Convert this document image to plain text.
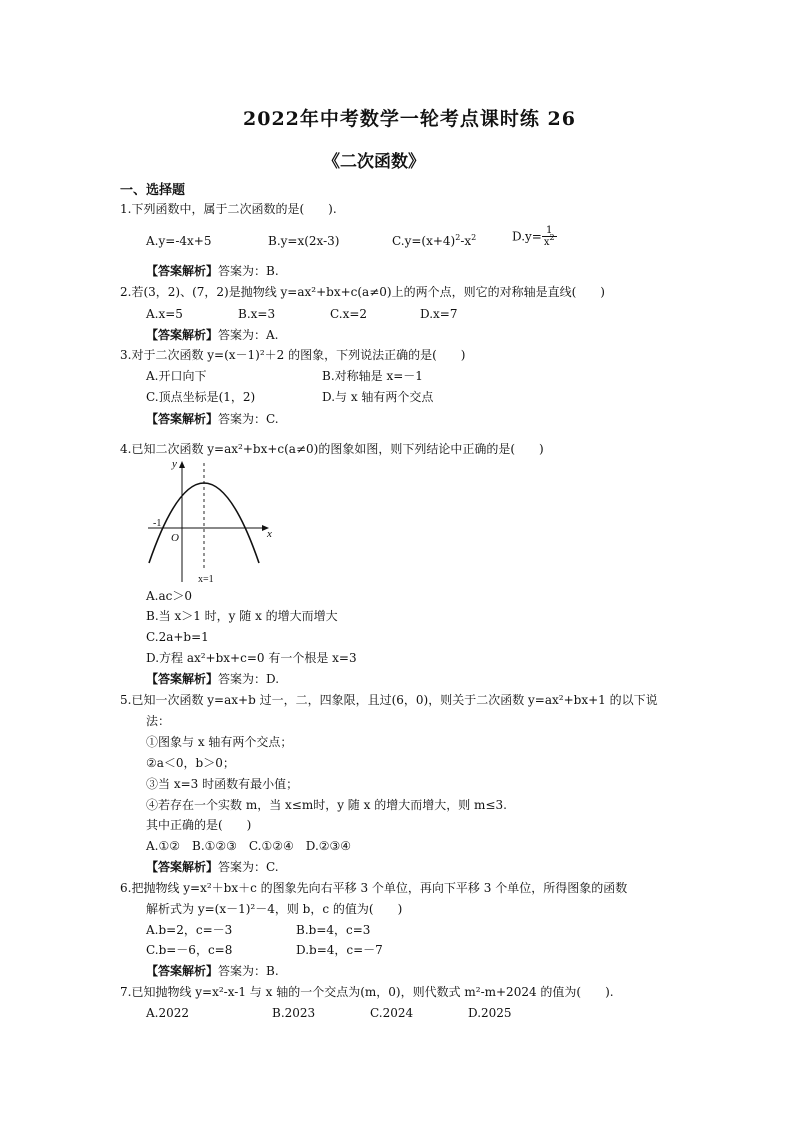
2022年中考数学一轮考点课时练 26
《二次函数》
一、选择题
1.下列函数中，属于二次函数的是(　　).
A.y=-4x+5	B.y=x(2x-3)	$C.y=(x+4)^2-x^2$	$D.y= \frac{1}{x^2}$
【答案解析】答案为：B.
2.若(3，2)、(7，2)是抛物线 y=ax²+bx+c(a≠0)上的两个点，则它的对称轴是直线(　　)
A.x=5	B.x=3	C.x=2	D.x=7
【答案解析】答案为：A.
3.对于二次函数 y=(x－1)²＋2 的图象，下列说法正确的是(　　)
A.开口向下	B.对称轴是 x=－1
C.顶点坐标是(1，2)	D.与 x 轴有两个交点
【答案解析】答案为：C.
4.已知二次函数 y=ax²+bx+c(a≠0)的图象如图，则下列结论中正确的是(　　)
y
x
O
-1
x=1
A.ac＞0
B.当 x＞1 时，y 随 x 的增大而增大
C.2a+b=1
D.方程 ax²+bx+c=0 有一个根是 x=3
【答案解析】答案为：D.
5.已知一次函数 y=ax+b 过一，二，四象限，且过(6，0)，则关于二次函数 y=ax²+bx+1 的以下说
法：
①图象与 x 轴有两个交点；
②a＜0，b＞0；
③当 x=3 时函数有最小值；
④若存在一个实数 m，当 x≤m时，y 随 x 的增大而增大，则 m≤3.
其中正确的是(　　)
A.①②　B.①②③　C.①②④　D.②③④
【答案解析】答案为：C.
6.把抛物线 y=x²＋bx＋c 的图象先向右平移 3 个单位，再向下平移 3 个单位，所得图象的函数
解析式为 y=(x－1)²－4，则 b，c 的值为(　　)
A.b=2，c=－3	B.b=4，c=3
C.b=－6，c=8	D.b=4，c=－7
【答案解析】答案为：B.
7.已知抛物线 y=x²-x-1 与 x 轴的一个交点为(m，0)，则代数式 m²-m+2024 的值为(　　).
A.2022	B.2023	C.2024	D.2025
